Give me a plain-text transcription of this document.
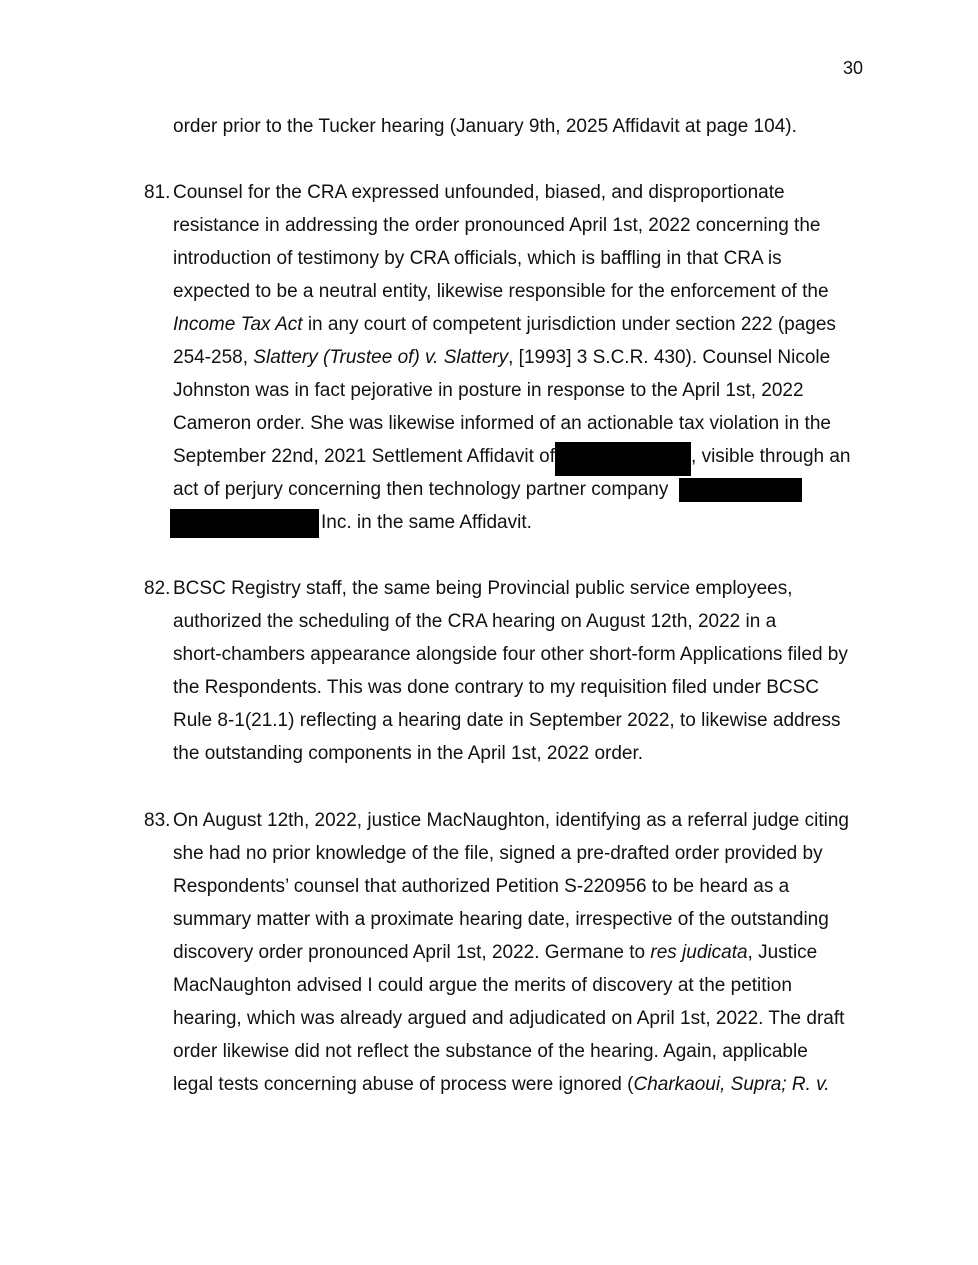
30
order prior to the Tucker hearing (January 9th, 2025 Affidavit at page 104).
81. Counsel for the CRA expressed unfounded, biased, and disproportionate
resistance in addressing the order pronounced April 1st, 2022 concerning the
introduction of testimony by CRA officials, which is baffling in that CRA is
expected to be a neutral entity, likewise responsible for the enforcement of the
Income Tax Act in any court of competent jurisdiction under section 222 (pages
254-258, Slattery (Trustee of) v. Slattery, [1993] 3 S.C.R. 430). Counsel Nicole
Johnston was in fact pejorative in posture in response to the April 1st, 2022
Cameron order. She was likewise informed of an actionable tax violation in the
September 22nd, 2021 Settlement Affidavit of	, visible through an
act of perjury concerning then technology partner company
Inc. in the same Affidavit.
82. BCSC Registry staff, the same being Provincial public service employees,
authorized the scheduling of the CRA hearing on August 12th, 2022 in a
short-chambers appearance alongside four other short-form Applications filed by
the Respondents. This was done contrary to my requisition filed under BCSC
Rule 8-1(21.1) reflecting a hearing date in September 2022, to likewise address
the outstanding components in the April 1st, 2022 order.
83. On August 12th, 2022, justice MacNaughton, identifying as a referral judge citing
she had no prior knowledge of the file, signed a pre-drafted order provided by
Respondents’ counsel that authorized Petition S-220956 to be heard as a
summary matter with a proximate hearing date, irrespective of the outstanding
discovery order pronounced April 1st, 2022. Germane to res judicata, Justice
MacNaughton advised I could argue the merits of discovery at the petition
hearing, which was already argued and adjudicated on April 1st, 2022. The draft
order likewise did not reflect the substance of the hearing. Again, applicable
legal tests concerning abuse of process were ignored (Charkaoui, Supra; R. v.
